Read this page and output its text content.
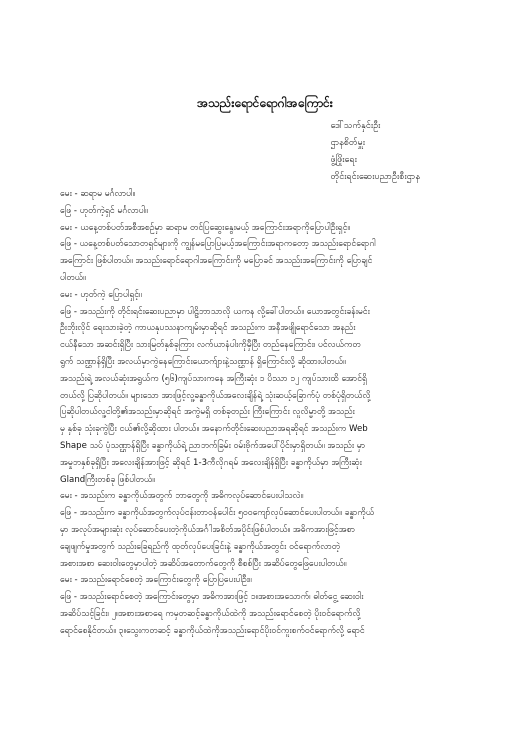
အသည်းရောင်ရောဂါအကြောင်း
ဒေါ်သက်နှင်းဦး
ဌာနစိတ်မှူး
ဖွံ့ဖြိုးရေး
တိုင်းရင်းဆေးပညာဦးစီးဌာန
မေး - ဆရာမ မင်္ဂလာပါ။
ဖြေ - ဟုတ်ကဲ့ရှင် မင်္ဂလာပါ။
မေး - ယနေ့တစ်ပတ်အစီအစဉ်မှာ ဆရာမ တင်ပြဆွေးနွေးမယ့် အကြောင်းအရာကိုပြောပါဦးရှင့်။
ဖြေ - ယနေ့တစ်ပတ်သောတရှင်များကို ကျွန်မပြောပြမယ့်အကြောင်းအရာကတော့ အသည်းရောင်ရောဂါ
အကြောင်း ဖြစ်ပါတယ်။ အသည်းရောင်ရောဂါအကြောင်းကို မပြောခင် အသည်းအကြောင်းကို ပြောချင်
ပါတယ်။
မေး - ဟုတ်ကဲ့ ပြောပါရှင့်။
ဖြေ - အသည်းကို တိုင်းရင်းဆေးပညာမှာ ပါဠိဘာသာလို ယကန လို့ခေါ်ပါတယ်။ ယောအတွင်းခန်းမင်း
ဦးဘိုးလိုင် ရေးသားခဲ့တဲ့ ကာယနုပဿနာကျမ်းမှာဆိုရင် အသည်းက အနီအဖျိုရောင်သော အနည်း
ငယ်နီသော အဆင်းရှိပြီး သားမြတ်နှစ်ခုကြား လက်ယာနံပါးကိုမှီပြီး တည်နေကြောင်း၊ ပင်လယ်ကတ
ရွက် သဏ္ဌာန်ရှိပြီး အလယ်မှာကွဲနေကြောင်းယောက်ျားနဲ့သဏ္ဌာန် ရှိကြောင်းလို့ ဆိုထားပါတယ်။
အသည်းရဲ့ အလယ်ဆုံးအရွယ်က (၅၆)ကျပ်သားကနေ အကြီးဆုံး ၁ ပိဿာ ၁၂ ကျပ်သားထိ အောင်ရှိ
တယ်လို့ ပြဆိုပါတယ်။ များသော အားဖြင့်လူ့ခန္ဓာကိုယ်အလေးချိန်ရဲ့ သုံးဆယ့်ခြောက်ပုံ တစ်ပုံရှိတယ်လို့
ပြဆိုပါတယ်လူ့ငါတို့၏အသည်းမှာဆိုရင် အကွဲမရှိ တစ်ခုတည်း ကြီးကြောင်း လူလိမ္မာတို့ အသည်း
မှ နှစ်ခု သုံးခုကွဲပြီး ငယ်၏လို့ဆိုထား ပါတယ်။ အနောက်တိုင်းဆေးပညာအရဆိုရင် အသည်းက Web
Shape သပ် ပုံသဏ္ဌာန်ရှိပြီး ခန္ဓာကိုယ်ရဲ့ ညာဘက်ခြမ်း ဝမ်းဗိုက်အပေါ်ပိုင်းမှာရှိတယ်။ အသည်း မှာ
အမှုဘနှစ်ခုရှိပြီး အလေးချိန်အားဖြင့် ဆိုရင် 1-3ကီလိုဂရမ် အလေးချိန်ရှိပြီး ခန္ဓာကိုယ်မှာ အကြီးဆုံး
Glandကြီးတစ်ခု ဖြစ်ပါတယ်။
မေး - အသည်းက ခန္ဓာကိုယ်အတွက် ဘာတွေကို အဓိကလုပ်ဆောင်ပေးပါသလဲ။
ဖြေ - အသည်းက ခန္ဓာကိုယ်အတွက်လုပ်ငန်းတာဝန်ပေါင်း ၅၀၀ကျော်လုပ်ဆောင်ပေးပါတယ်။ ခန္ဓာကိုယ်
မှာ အလုပ်အများဆုံး လုပ်ဆောင်ပေးတဲ့ကိုယ်အင်္ဂါအစိတ်အပိုင်းဖြစ်ပါတယ်။ အဓိကအားဖြင့်အစာ
ချေဖျက်မှုအတွက် သည်းခြေရည်ကို ထုတ်လုပ်ပေးခြင်းနဲ့ ခန္ဓာကိုယ်အတွင်း ဝင်ရောက်လာတဲ့
အစားအစာ ဆေးဝါးတွေမှာပါတဲ့ အဆိပ်အတောက်တွေကို စီစစ်ပြီး အဆိပ်တွေဖြေပေးပါတယ်။
မေး - အသည်းရောင်စေတဲ့ အကြောင်းတွေကို ပြောပြပေးပါဦး။
ဖြေ - အသည်းရောင်စေတဲ့ အကြောင်းတွေမှာ အဓိကအားဖြင့် ၁။အစားအသောက်၊ ဓါတ်ငွေ့ ဆေးဝါး
အဆိပ်သင့်ခြင်း၊ ၂။အစားအစာရေ ကမှတဆင့်ခန္ဓာကိုယ်ထဲကို အသည်းရောင်စေတဲ့ ပိုးဝင်ရောက်လို့
ရောင်စေနိုင်တယ်။ ၃။သွေးကတဆင့် ခန္ဓာကိုယ်ထဲကိုအသည်းရောင်ပိုးဝင်ကူးစက်ဝင်ရောက်လို့ ရောင်
